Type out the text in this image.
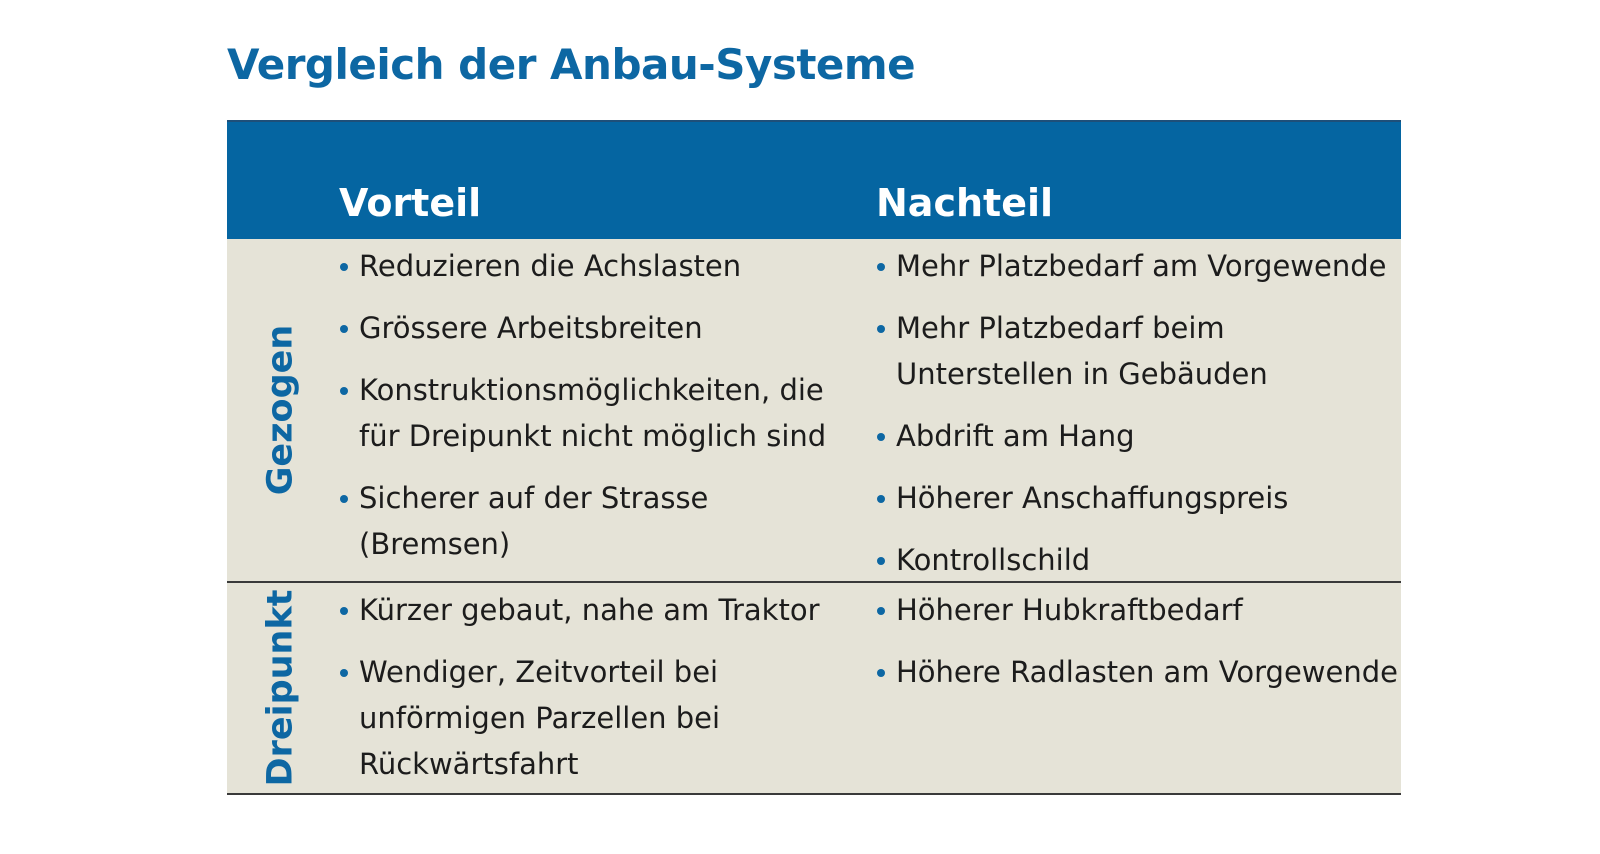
Vergleich der Anbau-Systeme
Vorteil	Nachteil
Gezogen
Reduzieren die Achslasten
Grössere Arbeitsbreiten
Konstruktionsmöglichkeiten, die für Dreipunkt nicht möglich sind
Sicherer auf der Strasse (Bremsen)
Mehr Platzbedarf am Vorgewende
Mehr Platzbedarf beim Unterstellen in Gebäuden
Abdrift am Hang
Höherer Anschaffungspreis
Kontrollschild
Dreipunkt	Kürzer gebaut, nahe am Traktor
Wendiger, Zeitvorteil bei unförmigen Parzellen bei Rückwärtsfahrt
Höherer Hubkraftbedarf
Höhere Radlasten am Vorgewende
